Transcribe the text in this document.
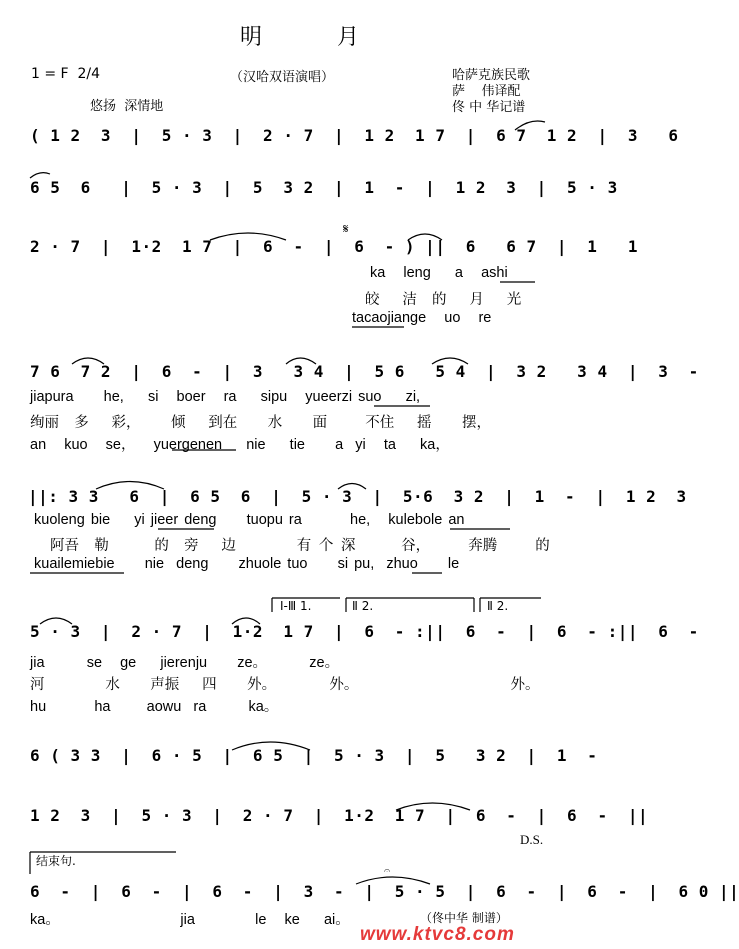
明 月
1 = F  2/4	（汉哈双语演唱）
悠扬  深情地
哈萨克族民歌
萨    伟译配
佟 中 华记谱
( 1 2  3  |  5 · 3  |  2 · 7  |  1 2  1 7  |  6 7  1 2  |  3   6
6 5  6   |  5 · 3  |  5  3 2  |  1  -  |  1 2  3  |  5 · 3
2 · 7  |  1·2  1 7  |  6  -  |  6  - ) ||  6   6 7  |  1   1
𝄋
ka   leng    a   ashi
皎   洁  的   月   光
tacaojiange   uo   re
7 6  7 2  |  6  -  |  3   3 4  |  5 6   5 4  |  3 2   3 4  |  3  -
jiapura     he,    si   boer   ra    sipu   yueerzi suo    zi,
绚丽  多   彩，    倾   到在    水    面     不住   摇    摆，
an   kuo   se，   yuergenen    nie    tie     a  yi   ta    ka，
||: 3 3   6  |  6 5  6  |  5 · 3  |  5·6  3 2  |  1  -  |  1 2  3
kuoleng bie    yi jieer deng     tuopu ra        he,   kulebole an
阿吾  勒      的  旁   边        有 个 深      谷，     奔腾     的
kuailemiebie     nie  deng     zhuole tuo     si pu,  zhuo     le
Ⅰ-Ⅲ 1.	Ⅱ 2.	Ⅱ 2.
5 · 3  |  2 · 7  |  1·2  1 7  |  6  - :||  6  -  |  6  - :||  6  -
jia       se   ge    jierenju     ze。       ze。
河        水    声振   四    外。       外。                    外。
hu        ha      aowu  ra       ka。
6 ( 3 3  |  6 · 5  |  6 5  |  5 · 3  |  5   3 2  |  1  -
1 2  3  |  5 · 3  |  2 · 7  |  1·2  1 7  |  6  -  |  6  -  ||
D.S.
结束句.
6  -  |  6  -  |  6  -  |  3  -  |  5 · 5  |  6  -  |  6  -  |  6 0 ||
ka。                    jia          le   ke    ai。	（佟中华 制谱）
𝄐
www.ktvc8.com
